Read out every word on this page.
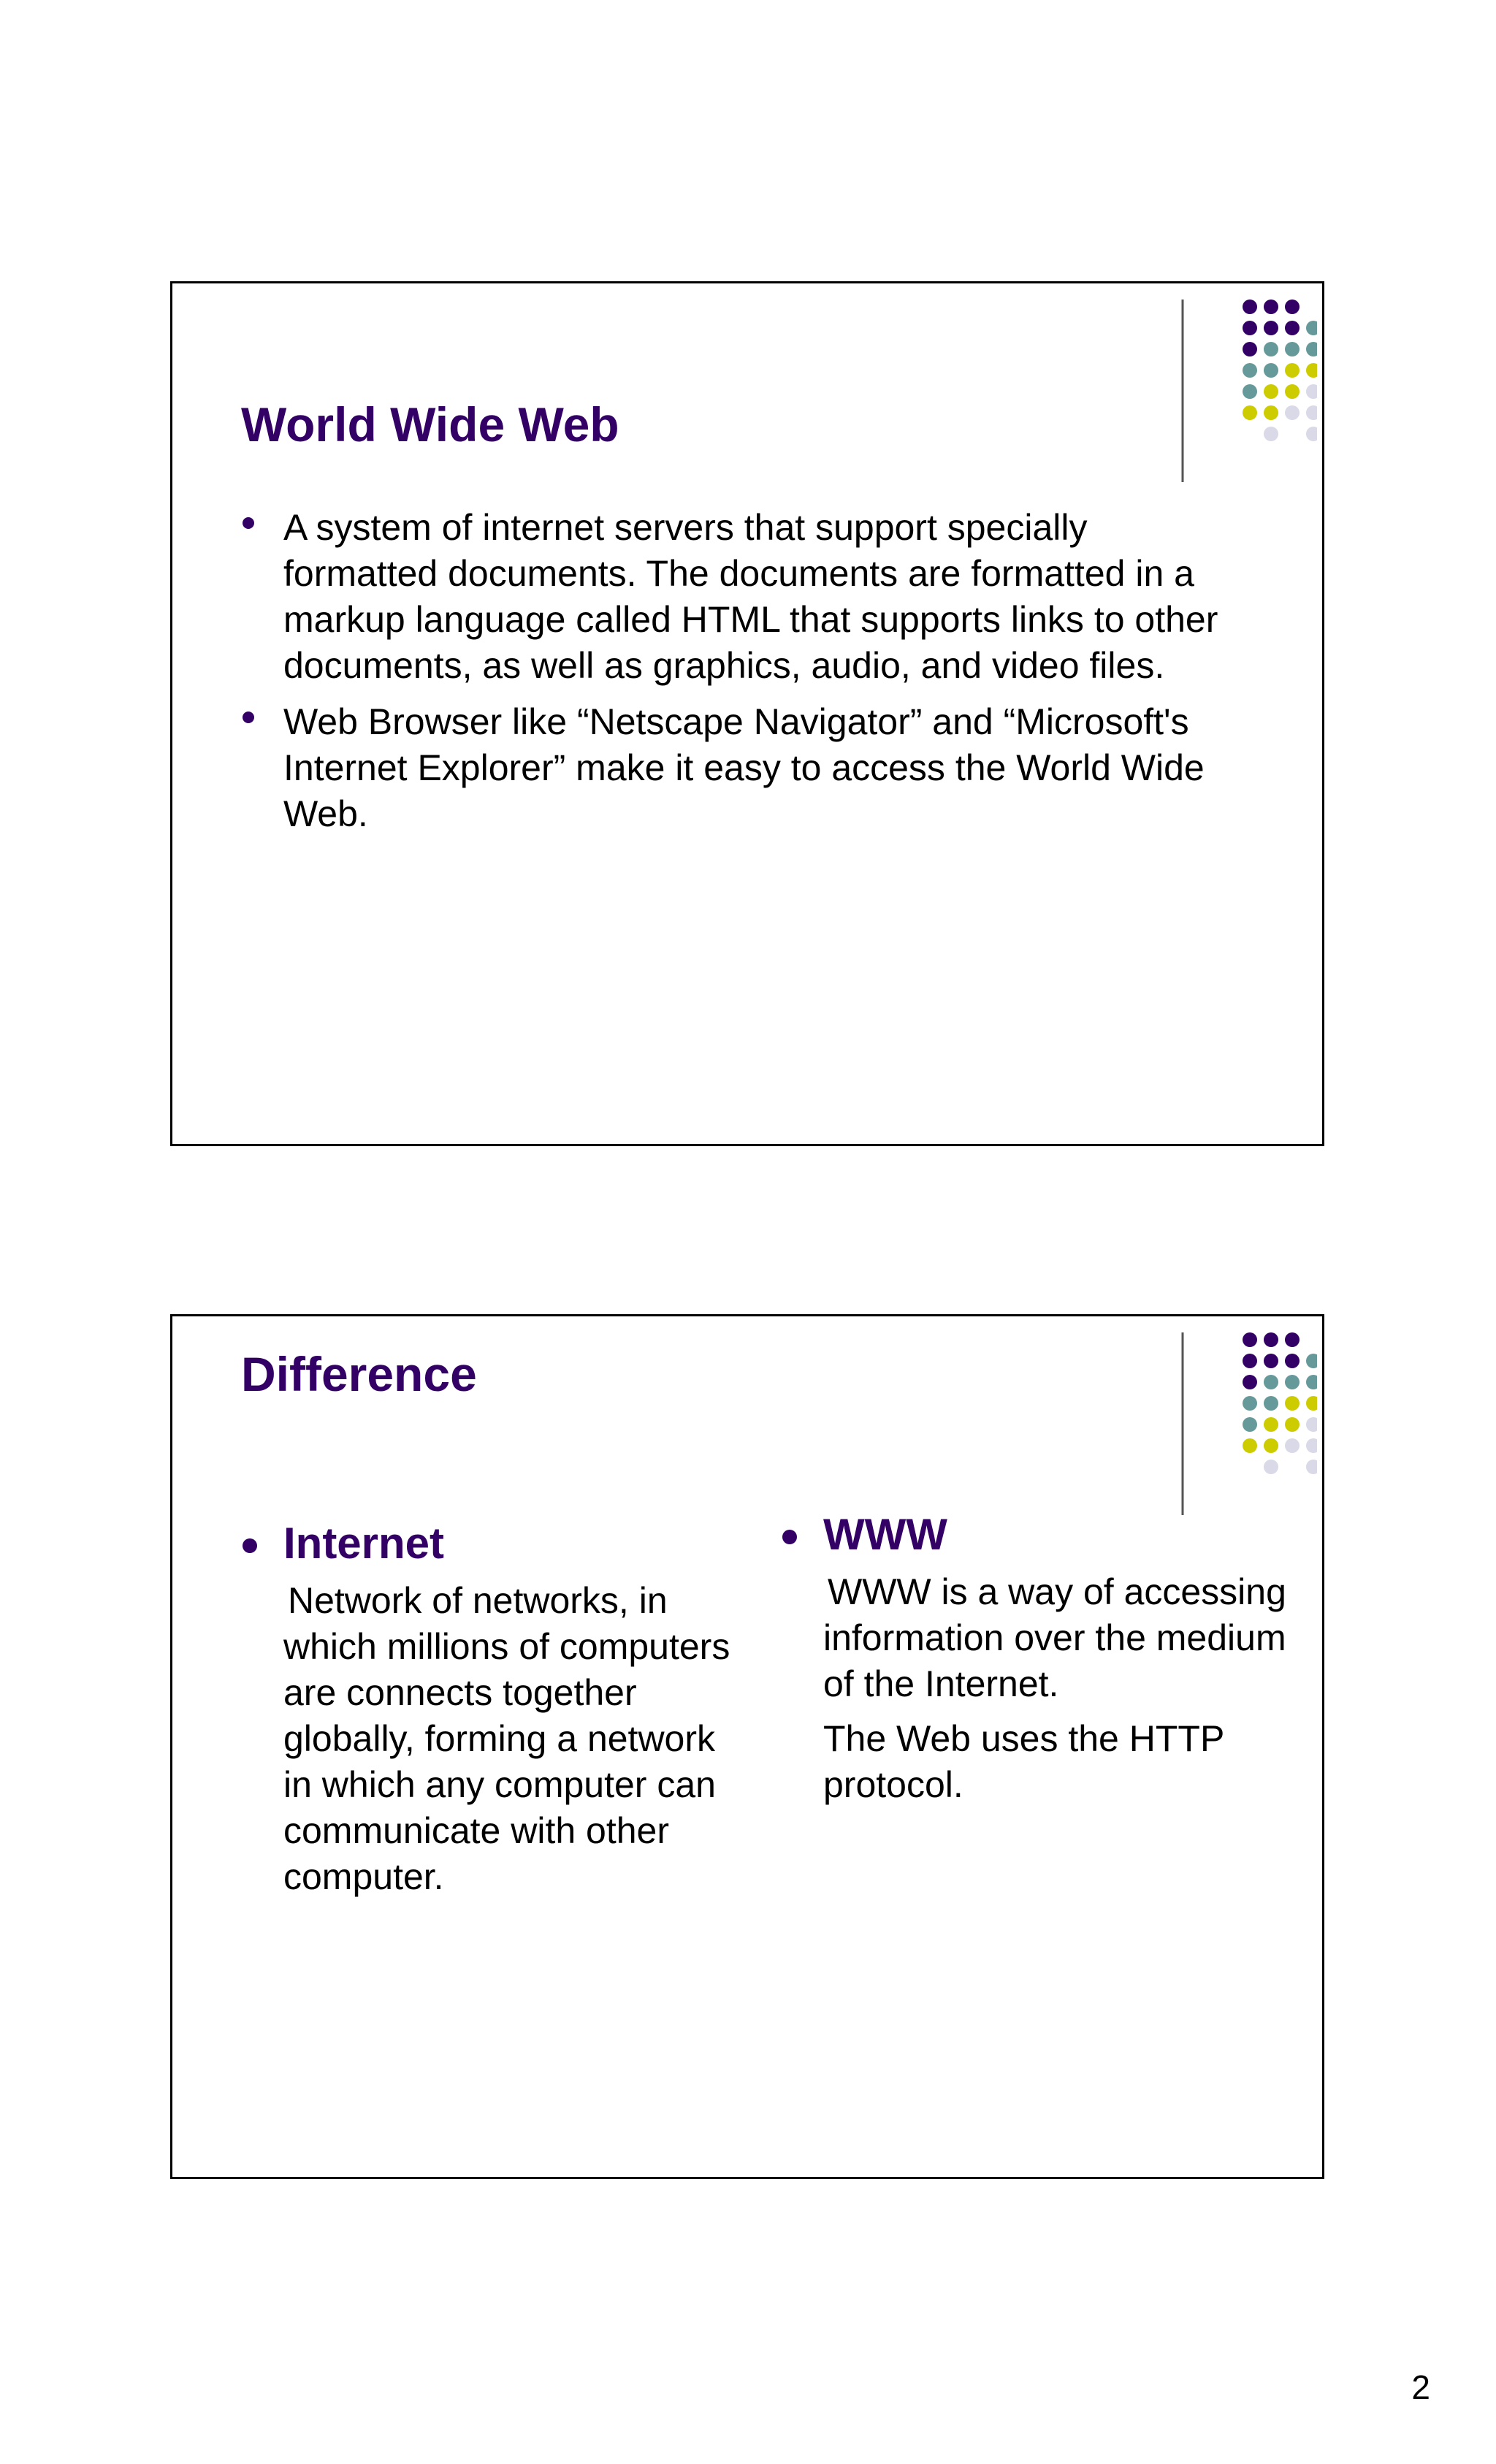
World Wide Web
A system of internet servers that support specially formatted documents. The documents are formatted in a markup language called HTML that supports links to other documents, as well as graphics, audio, and video files.
Web Browser like “Netscape Navigator” and “Microsoft's Internet Explorer” make it easy to access the World Wide Web.
Difference
Internet

Network of networks, in which millions of computers are connects together globally, forming a network in which any computer can communicate with other computer.

WWW

WWW is a way of accessing information over the medium of the Internet.

The Web uses the HTTP protocol.

2
